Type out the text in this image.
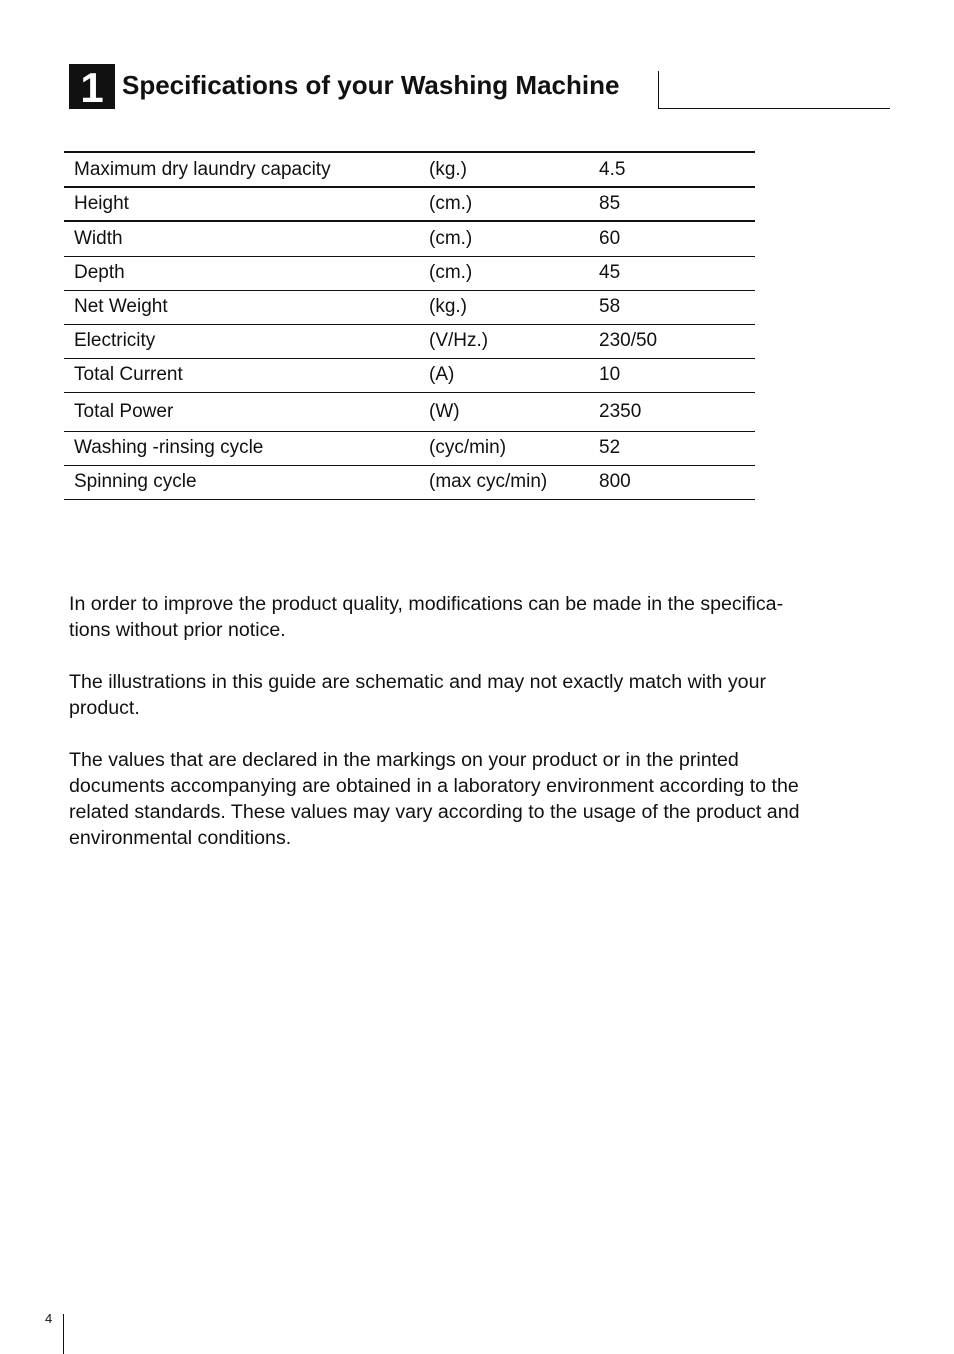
1 Specifications of your Washing Machine
Maximum dry laundry capacity	(kg.)	4.5
Height	(cm.)	85
Width	(cm.)	60
Depth	(cm.)	45
Net Weight	(kg.)	58
Electricity	(V/Hz.)	230/50
Total Current	(A)	10
Total Power	(W)	2350
Washing -rinsing cycle	(cyc/min)	52
Spinning cycle	(max cyc/min)	800

In order to improve the product quality, modifications can be made in the specifica-
tions without prior notice.

The illustrations in this guide are schematic and may not exactly match with your
product.

The values that are declared in the markings on your product or in the printed
documents accompanying are obtained in a laboratory environment according to the
related standards. These values may vary according to the usage of the product and
environmental conditions.

4
